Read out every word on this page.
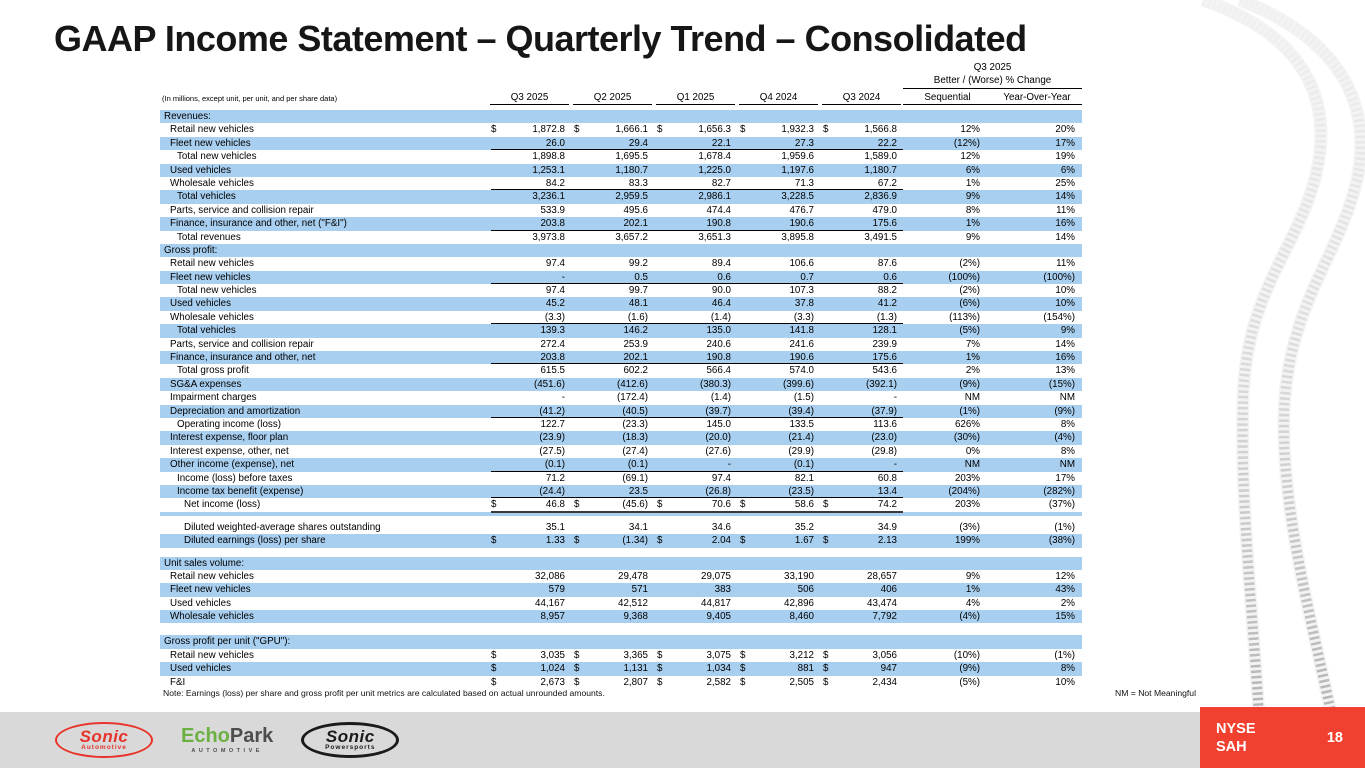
GAAP Income Statement – Quarterly Trend – Consolidated
Q3 2025
Better / (Worse) % Change
(In millions, except unit, per unit, and per share data)	Q3 2025	Q2 2025	Q1 2025	Q4 2024	Q3 2024	Sequential	Year-Over-Year
Revenues:
Retail new vehicles	$	1,872.8 $	1,666.1 $	1,656.3 $	1,932.3 $	1,566.8	12%	20%
Fleet new vehicles	26.0	29.4	22.1	27.3	22.2	(12%)	17%
Total new vehicles	1,898.8	1,695.5	1,678.4	1,959.6	1,589.0	12%	19%
Used vehicles	1,253.1	1,180.7	1,225.0	1,197.6	1,180.7	6%	6%
Wholesale vehicles	84.2	83.3	82.7	71.3	67.2	1%	25%
Total vehicles	3,236.1	2,959.5	2,986.1	3,228.5	2,836.9	9%	14%
Parts, service and collision repair	533.9	495.6	474.4	476.7	479.0	8%	11%
Finance, insurance and other, net ("F&I")	203.8	202.1	190.8	190.6	175.6	1%	16%
Total revenues	3,973.8	3,657.2	3,651.3	3,895.8	3,491.5	9%	14%
Gross profit:
Retail new vehicles	97.4	99.2	89.4	106.6	87.6	(2%)	11%
Fleet new vehicles	-	0.5	0.6	0.7	0.6	(100%)	(100%)
Total new vehicles	97.4	99.7	90.0	107.3	88.2	(2%)	10%
Used vehicles	45.2	48.1	46.4	37.8	41.2	(6%)	10%
Wholesale vehicles	(3.3)	(1.6)	(1.4)	(3.3)	(1.3)	(113%)	(154%)
Total vehicles	139.3	146.2	135.0	141.8	128.1	(5%)	9%
Parts, service and collision repair	272.4	253.9	240.6	241.6	239.9	7%	14%
Finance, insurance and other, net	203.8	202.1	190.8	190.6	175.6	1%	16%
Total gross profit	615.5	602.2	566.4	574.0	543.6	2%	13%
SG&A expenses	(451.6)	(412.6)	(380.3)	(399.6)	(392.1)	(9%)	(15%)
Impairment charges	-	(172.4)	(1.4)	(1.5)	-	NM	NM
Depreciation and amortization	(41.2)	(40.5)	(39.7)	(39.4)	(37.9)	(1%)	(9%)
Operating income (loss)	122.7	(23.3)	145.0	133.5	113.6	626%	8%
Interest expense, floor plan	(23.9)	(18.3)	(20.0)	(21.4)	(23.0)	(30%)	(4%)
Interest expense, other, net	(27.5)	(27.4)	(27.6)	(29.9)	(29.8)	0%	8%
Other income (expense), net	(0.1)	(0.1)	-	(0.1)	-	NM	NM
Income (loss) before taxes	71.2	(69.1)	97.4	82.1	60.8	203%	17%
Income tax benefit (expense)	(24.4)	23.5	(26.8)	(23.5)	13.4	(204%)	(282%)
Net income (loss)	$	46.8 $	(45.6) $	70.6 $	58.6 $	74.2	203%	(37%)
Diluted weighted-average shares outstanding	35.1	34.1	34.6	35.2	34.9	(3%)	(1%)
Diluted earnings (loss) per share	$	1.33 $	(1.34) $	2.04 $	1.67 $	2.13	199%	(38%)
Unit sales volume:
Retail new vehicles	32,086	29,478	29,075	33,190	28,657	9%	12%
Fleet new vehicles	579	571	383	506	406	1%	43%
Used vehicles	44,167	42,512	44,817	42,896	43,474	4%	2%
Wholesale vehicles	8,957	9,368	9,405	8,460	7,792	(4%)	15%
Gross profit per unit ("GPU"):
Retail new vehicles	$	3,035 $	3,365 $	3,075 $	3,212 $	3,056	(10%)	(1%)
Used vehicles	$	1,024 $	1,131 $	1,034 $	881 $	947	(9%)	8%
F&I	$	2,673 $	2,807 $	2,582 $	2,505 $	2,434	(5%)	10%
Note: Earnings (loss) per share and gross profit per unit metrics are calculated based on actual unrounded amounts.	NM = Not Meaningful
Sonic
Automotive
EchoPark
AUTOMOTIVE
Sonic
Powersports
NYSE
SAH
18
